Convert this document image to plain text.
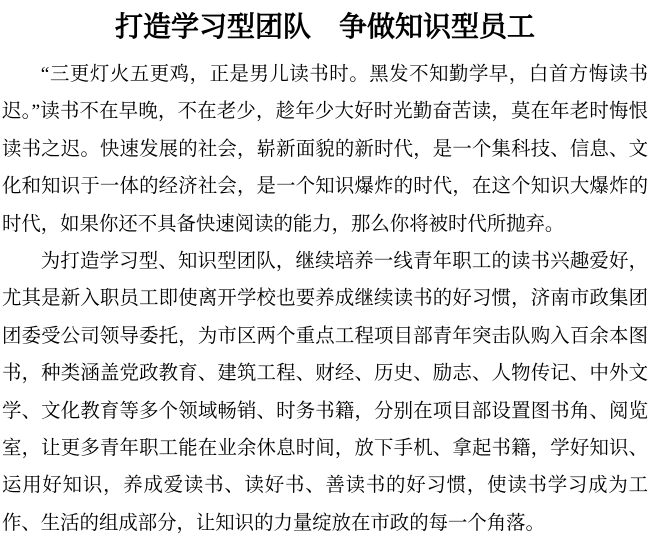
打造学习型团队　争做知识型员工

“三更灯火五更鸡，正是男儿读书时。黑发不知勤学早，白首方悔读书迟。”读书不在早晚，不在老少，趁年少大好时光勤奋苦读，莫在年老时悔恨读书之迟。快速发展的社会，崭新面貌的新时代，是一个集科技、信息、文化和知识于一体的经济社会，是一个知识爆炸的时代，在这个知识大爆炸的时代，如果你还不具备快速阅读的能力，那么你将被时代所抛弃。

为打造学习型、知识型团队，继续培养一线青年职工的读书兴趣爱好，尤其是新入职员工即使离开学校也要养成继续读书的好习惯，济南市政集团团委受公司领导委托，为市区两个重点工程项目部青年突击队购入百余本图书，种类涵盖党政教育、建筑工程、财经、历史、励志、人物传记、中外文学、文化教育等多个领域畅销、时务书籍，分别在项目部设置图书角、阅览室，让更多青年职工能在业余休息时间，放下手机、拿起书籍，学好知识、运用好知识，养成爱读书、读好书、善读书的好习惯，使读书学习成为工作、生活的组成部分，让知识的力量绽放在市政的每一个角落。
